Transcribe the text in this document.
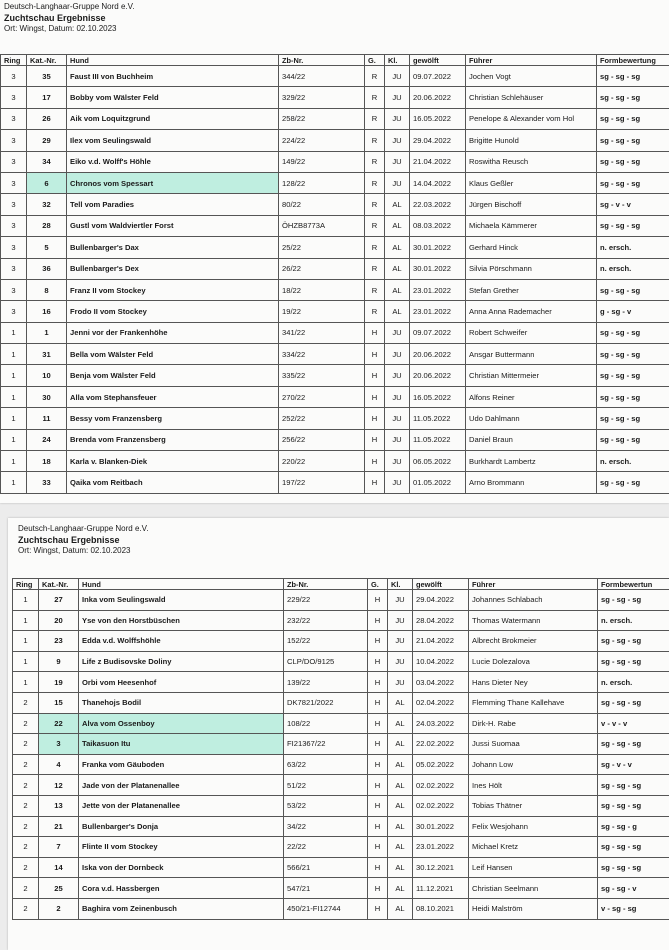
Deutsch-Langhaar-Gruppe Nord e.V.
Zuchtschau Ergebnisse
Ort: Wingst, Datum: 02.10.2023
Ring	Kat.-Nr.	Hund	Zb-Nr.	G.	Kl.	gewölft	Führer	Formbewertung
3	35	Faust III von Buchheim	344/22	R	JU	09.07.2022	Jochen Vogt	sg - sg - sg
3	17	Bobby vom Wälster Feld	329/22	R	JU	20.06.2022	Christian Schlehäuser	sg - sg - sg
3	26	Aik vom Loquitzgrund	258/22	R	JU	16.05.2022	Penelope & Alexander vom Hol	sg - sg - sg
3	29	Ilex vom Seulingswald	224/22	R	JU	29.04.2022	Brigitte Hunold	sg - sg - sg
3	34	Eiko v.d. Wolff's Höhle	149/22	R	JU	21.04.2022	Roswitha Reusch	sg - sg - sg
3	6	Chronos vom Spessart	128/22	R	JU	14.04.2022	Klaus Geßler	sg - sg - sg
3	32	Tell vom Paradies	80/22	R	AL	22.03.2022	Jürgen Bischoff	sg - v - v
3	28	Gustl vom Waldviertler Forst	ÖHZB8773A	R	AL	08.03.2022	Michaela Kämmerer	sg - sg - sg
3	5	Bullenbarger's Dax	25/22	R	AL	30.01.2022	Gerhard Hinck	n. ersch.
3	36	Bullenbarger's Dex	26/22	R	AL	30.01.2022	Silvia Pörschmann	n. ersch.
3	8	Franz II vom Stockey	18/22	R	AL	23.01.2022	Stefan Grether	sg - sg - sg
3	16	Frodo II vom Stockey	19/22	R	AL	23.01.2022	Anna Anna Rademacher	g - sg - v
1	1	Jenni vor der Frankenhöhe	341/22	H	JU	09.07.2022	Robert Schweifer	sg - sg - sg
1	31	Bella vom Wälster Feld	334/22	H	JU	20.06.2022	Ansgar Buttermann	sg - sg - sg
1	10	Benja vom Wälster Feld	335/22	H	JU	20.06.2022	Christian Mittermeier	sg - sg - sg
1	30	Alla vom Stephansfeuer	270/22	H	JU	16.05.2022	Alfons Reiner	sg - sg - sg
1	11	Bessy vom Franzensberg	252/22	H	JU	11.05.2022	Udo Dahlmann	sg - sg - sg
1	24	Brenda vom Franzensberg	256/22	H	JU	11.05.2022	Daniel Braun	sg - sg - sg
1	18	Karla v. Blanken-Diek	220/22	H	JU	06.05.2022	Burkhardt Lambertz	n. ersch.
1	33	Qaika vom Reitbach	197/22	H	JU	01.05.2022	Arno Brommann	sg - sg - sg
Deutsch-Langhaar-Gruppe Nord e.V.
Zuchtschau Ergebnisse
Ort: Wingst, Datum: 02.10.2023
Ring	Kat.-Nr.	Hund	Zb-Nr.	G.	Kl.	gewölft	Führer	Formbewertun
1	27	Inka vom Seulingswald	229/22	H	JU	29.04.2022	Johannes Schlabach	sg - sg - sg
1	20	Yse von den Horstbüschen	232/22	H	JU	28.04.2022	Thomas Watermann	n. ersch.
1	23	Edda v.d. Wolffshöhle	152/22	H	JU	21.04.2022	Albrecht Brokmeier	sg - sg - sg
1	9	Life z Budisovske Doliny	CLP/DO/9125	H	JU	10.04.2022	Lucie Dolezalova	sg - sg - sg
1	19	Orbi vom Heesenhof	139/22	H	JU	03.04.2022	Hans Dieter Ney	n. ersch.
2	15	Thanehojs Bodil	DK7821/2022	H	AL	02.04.2022	Flemming Thane Kallehave	sg - sg - sg
2	22	Alva vom Ossenboy	108/22	H	AL	24.03.2022	Dirk-H. Rabe	v - v - v
2	3	Taikasuon Itu	FI21367/22	H	AL	22.02.2022	Jussi Suomaa	sg - sg - sg
2	4	Franka vom Gäuboden	63/22	H	AL	05.02.2022	Johann Low	sg - v - v
2	12	Jade von der Platanenallee	51/22	H	AL	02.02.2022	Ines Hölt	sg - sg - sg
2	13	Jette von der Platanenallee	53/22	H	AL	02.02.2022	Tobias Thätner	sg - sg - sg
2	21	Bullenbarger's Donja	34/22	H	AL	30.01.2022	Felix Wesjohann	sg - sg - g
2	7	Flinte II vom Stockey	22/22	H	AL	23.01.2022	Michael Kretz	sg - sg - sg
2	14	Iska von der Dornbeck	566/21	H	AL	30.12.2021	Leif Hansen	sg - sg - sg
2	25	Cora v.d. Hassbergen	547/21	H	AL	11.12.2021	Christian Seelmann	sg - sg - v
2	2	Baghira vom Zeinenbusch	450/21-FI12744	H	AL	08.10.2021	Heidi Malström	v - sg - sg
